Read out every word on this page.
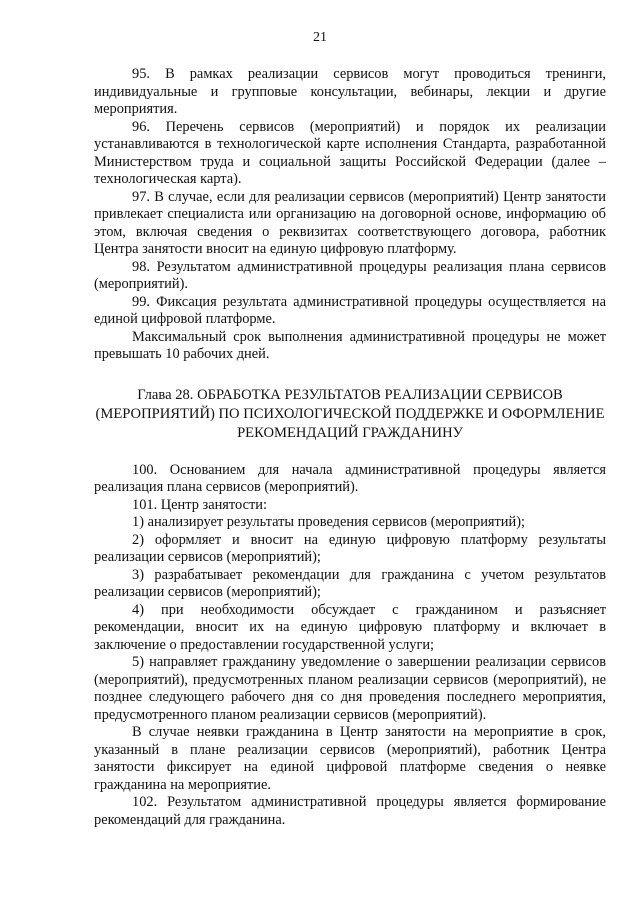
21

95. В рамках реализации сервисов могут проводиться тренинги, индивидуальные и групповые консультации, вебинары, лекции и другие мероприятия.

96. Перечень сервисов (мероприятий) и порядок их реализации устанавливаются в технологической карте исполнения Стандарта, разработанной Министерством труда и социальной защиты Российской Федерации (далее – технологическая карта).

97. В случае, если для реализации сервисов (мероприятий) Центр занятости привлекает специалиста или организацию на договорной основе, информацию об этом, включая сведения о реквизитах соответствующего договора, работник Центра занятости вносит на единую цифровую платформу.

98. Результатом административной процедуры реализация плана сервисов (мероприятий).

99. Фиксация результата административной процедуры осуществляется на единой цифровой платформе.

Максимальный срок выполнения административной процедуры не может превышать 10 рабочих дней.

Глава 28. ОБРАБОТКА РЕЗУЛЬТАТОВ РЕАЛИЗАЦИИ СЕРВИСОВ (МЕРОПРИЯТИЙ) ПО ПСИХОЛОГИЧЕСКОЙ ПОДДЕРЖКЕ И ОФОРМЛЕНИЕ РЕКОМЕНДАЦИЙ ГРАЖДАНИНУ

100. Основанием для начала административной процедуры является реализация плана сервисов (мероприятий).

101. Центр занятости:

1) анализирует результаты проведения сервисов (мероприятий);

2) оформляет и вносит на единую цифровую платформу результаты реализации сервисов (мероприятий);

3) разрабатывает рекомендации для гражданина с учетом результатов реализации сервисов (мероприятий);

4) при необходимости обсуждает с гражданином и разъясняет рекомендации, вносит их на единую цифровую платформу и включает в заключение о предоставлении государственной услуги;

5) направляет гражданину уведомление о завершении реализации сервисов (мероприятий), предусмотренных планом реализации сервисов (мероприятий), не позднее следующего рабочего дня со дня проведения последнего мероприятия, предусмотренного планом реализации сервисов (мероприятий).

В случае неявки гражданина в Центр занятости на мероприятие в срок, указанный в плане реализации сервисов (мероприятий), работник Центра занятости фиксирует на единой цифровой платформе сведения о неявке гражданина на мероприятие.

102. Результатом административной процедуры является формирование рекомендаций для гражданина.
